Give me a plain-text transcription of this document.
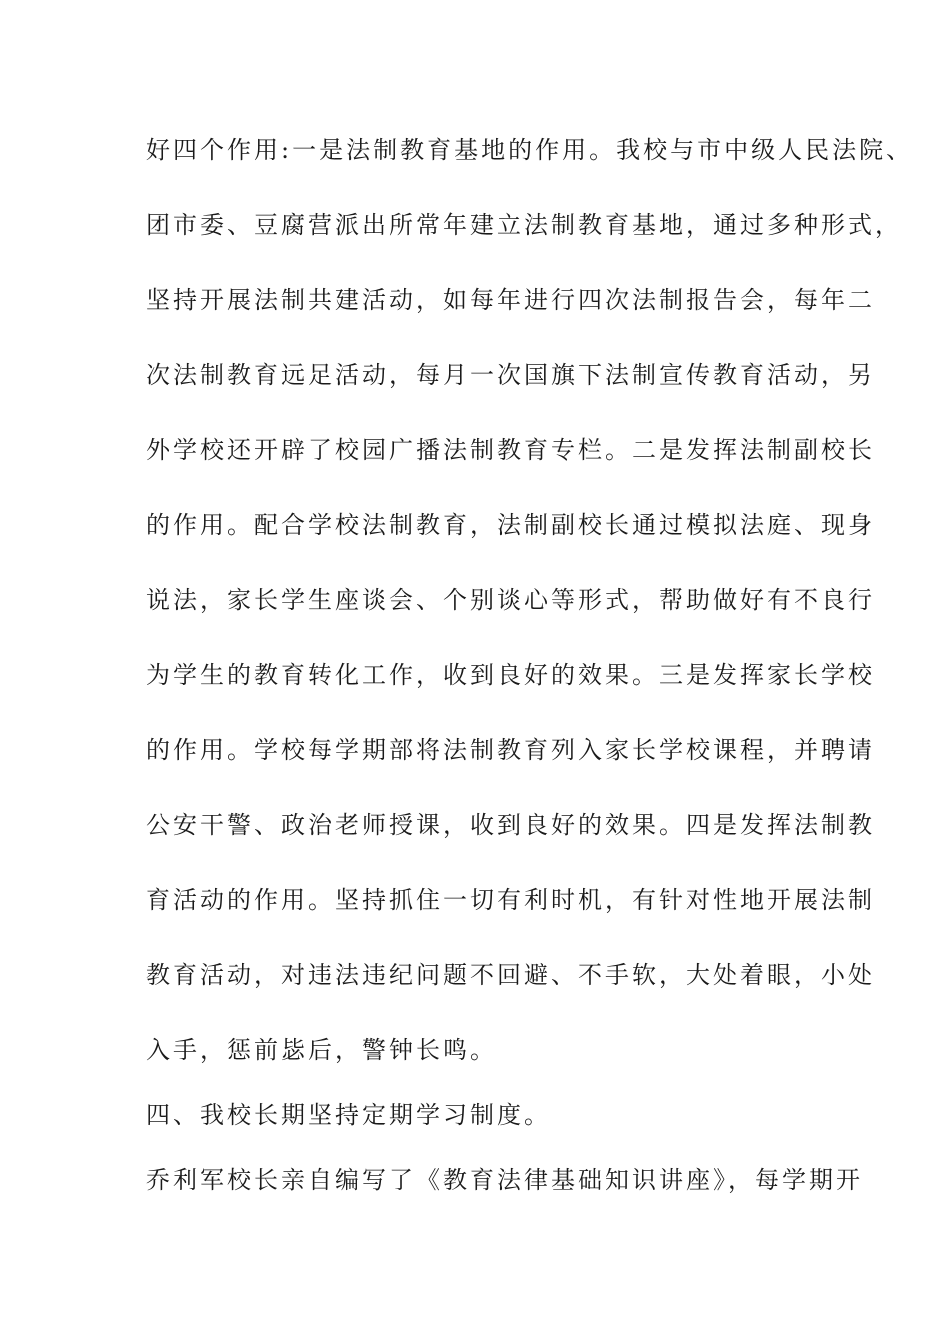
好四个作用:一是法制教育基地的作用。我校与市中级人民法院、
团市委、豆腐营派出所常年建立法制教育基地，通过多种形式，
坚持开展法制共建活动，如每年进行四次法制报告会，每年二
次法制教育远足活动，每月一次国旗下法制宣传教育活动，另
外学校还开辟了校园广播法制教育专栏。二是发挥法制副校长
的作用。配合学校法制教育，法制副校长通过模拟法庭、现身
说法，家长学生座谈会、个别谈心等形式，帮助做好有不良行
为学生的教育转化工作，收到良好的效果。三是发挥家长学校
的作用。学校每学期部将法制教育列入家长学校课程，并聘请
公安干警、政治老师授课，收到良好的效果。四是发挥法制教
育活动的作用。坚持抓住一切有利时机，有针对性地开展法制
教育活动，对违法违纪问题不回避、不手软，大处着眼，小处
入手，惩前毖后，警钟长鸣。
四、我校长期坚持定期学习制度。
乔利军校长亲自编写了《教育法律基础知识讲座》，每学期开
